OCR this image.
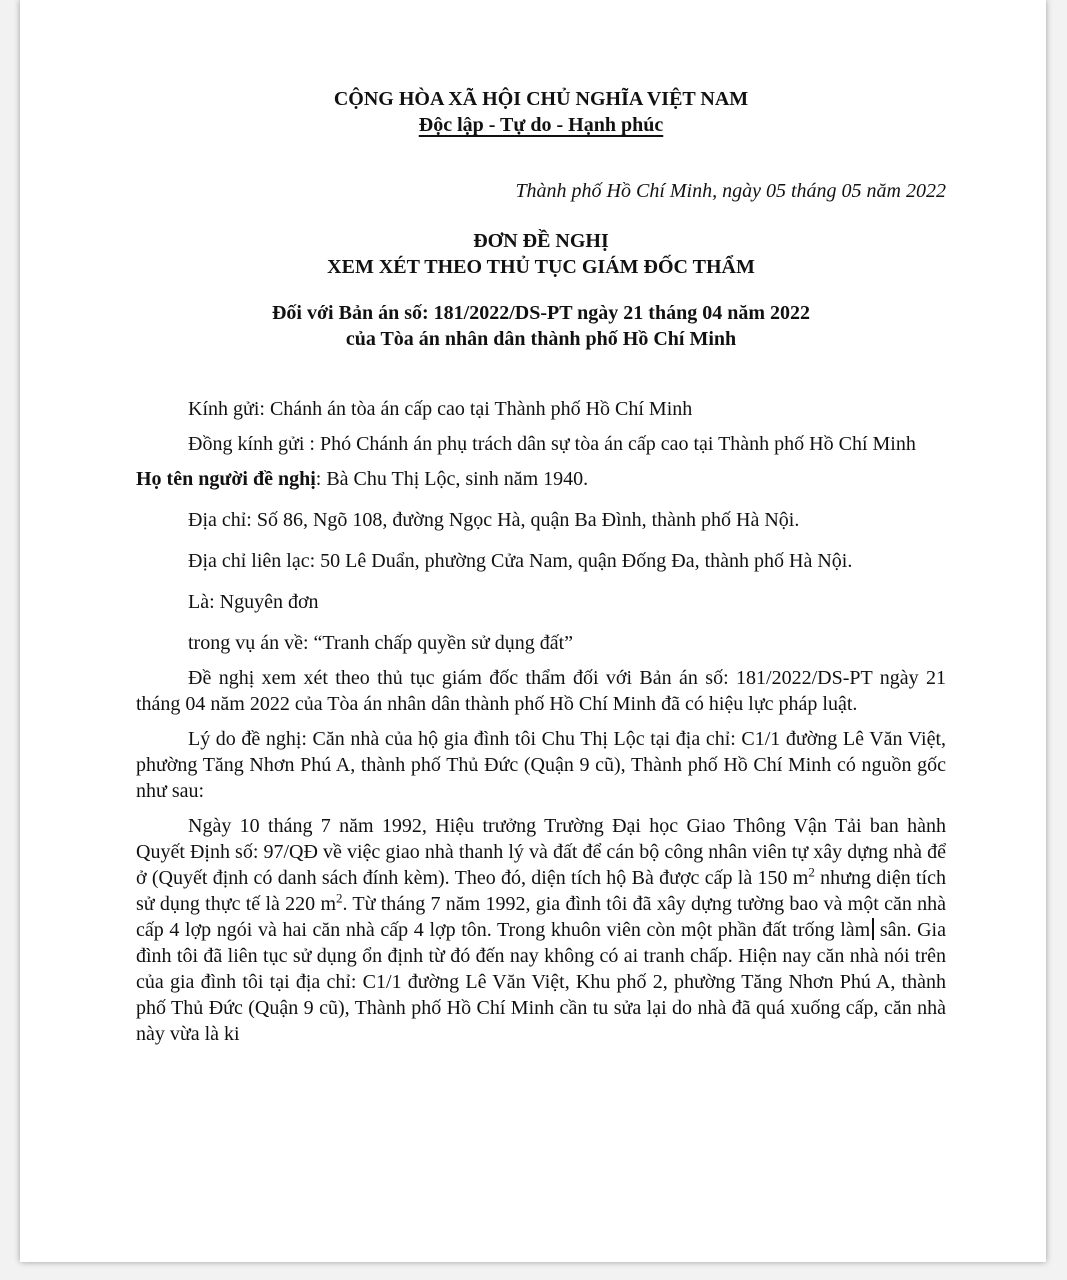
CỘNG HÒA XÃ HỘI CHỦ NGHĨA VIỆT NAM
Độc lập - Tự do - Hạnh phúc
Thành phố Hồ Chí Minh, ngày 05 tháng 05 năm 2022
ĐƠN ĐỀ NGHỊ
XEM XÉT THEO THỦ TỤC GIÁM ĐỐC THẨM
Đối với Bản án số: 181/2022/DS-PT ngày 21 tháng 04 năm 2022
của Tòa án nhân dân thành phố Hồ Chí Minh

Kính gửi: Chánh án tòa án cấp cao tại Thành phố Hồ Chí Minh

Đồng kính gửi : Phó Chánh án phụ trách dân sự tòa án cấp cao tại Thành phố Hồ Chí Minh

Họ tên người đề nghị: Bà Chu Thị Lộc, sinh năm 1940.

Địa chỉ: Số 86, Ngõ 108, đường Ngọc Hà, quận Ba Đình, thành phố Hà Nội.

Địa chỉ liên lạc: 50 Lê Duẩn, phường Cửa Nam, quận Đống Đa, thành phố Hà Nội.

Là: Nguyên đơn

trong vụ án về: “Tranh chấp quyền sử dụng đất”

Đề nghị xem xét theo thủ tục giám đốc thẩm đối với Bản án số: 181/2022/DS-PT ngày 21 tháng 04 năm 2022 của Tòa án nhân dân thành phố Hồ Chí Minh đã có hiệu lực pháp luật.

Lý do đề nghị: Căn nhà của hộ gia đình tôi Chu Thị Lộc tại địa chỉ: C1/1 đường Lê Văn Việt, phường Tăng Nhơn Phú A, thành phố Thủ Đức (Quận 9 cũ), Thành phố Hồ Chí Minh có nguồn gốc như sau:

Ngày 10 tháng 7 năm 1992, Hiệu trưởng Trường Đại học Giao Thông Vận Tải ban hành Quyết Định số: 97/QĐ về việc giao nhà thanh lý và đất để cán bộ công nhân viên tự xây dựng nhà để ở (Quyết định có danh sách đính kèm). Theo đó, diện tích hộ Bà được cấp là 150 $m^2$ nhưng diện tích sử dụng thực tế là 220 $m^2$. Từ tháng 7 năm 1992, gia đình tôi đã xây dựng tường bao và một căn nhà cấp 4 lợp ngói và hai căn nhà cấp 4 lợp tôn. Trong khuôn viên còn một phần đất trống làm sân. Gia đình tôi đã liên tục sử dụng ổn định từ đó đến nay không có ai tranh chấp. Hiện nay căn nhà nói trên của gia đình tôi tại địa chỉ: C1/1 đường Lê Văn Việt, Khu phố 2, phường Tăng Nhơn Phú A, thành phố Thủ Đức (Quận 9 cũ), Thành phố Hồ Chí Minh cần tu sửa lại do nhà đã quá xuống cấp, căn nhà này vừa là ki
